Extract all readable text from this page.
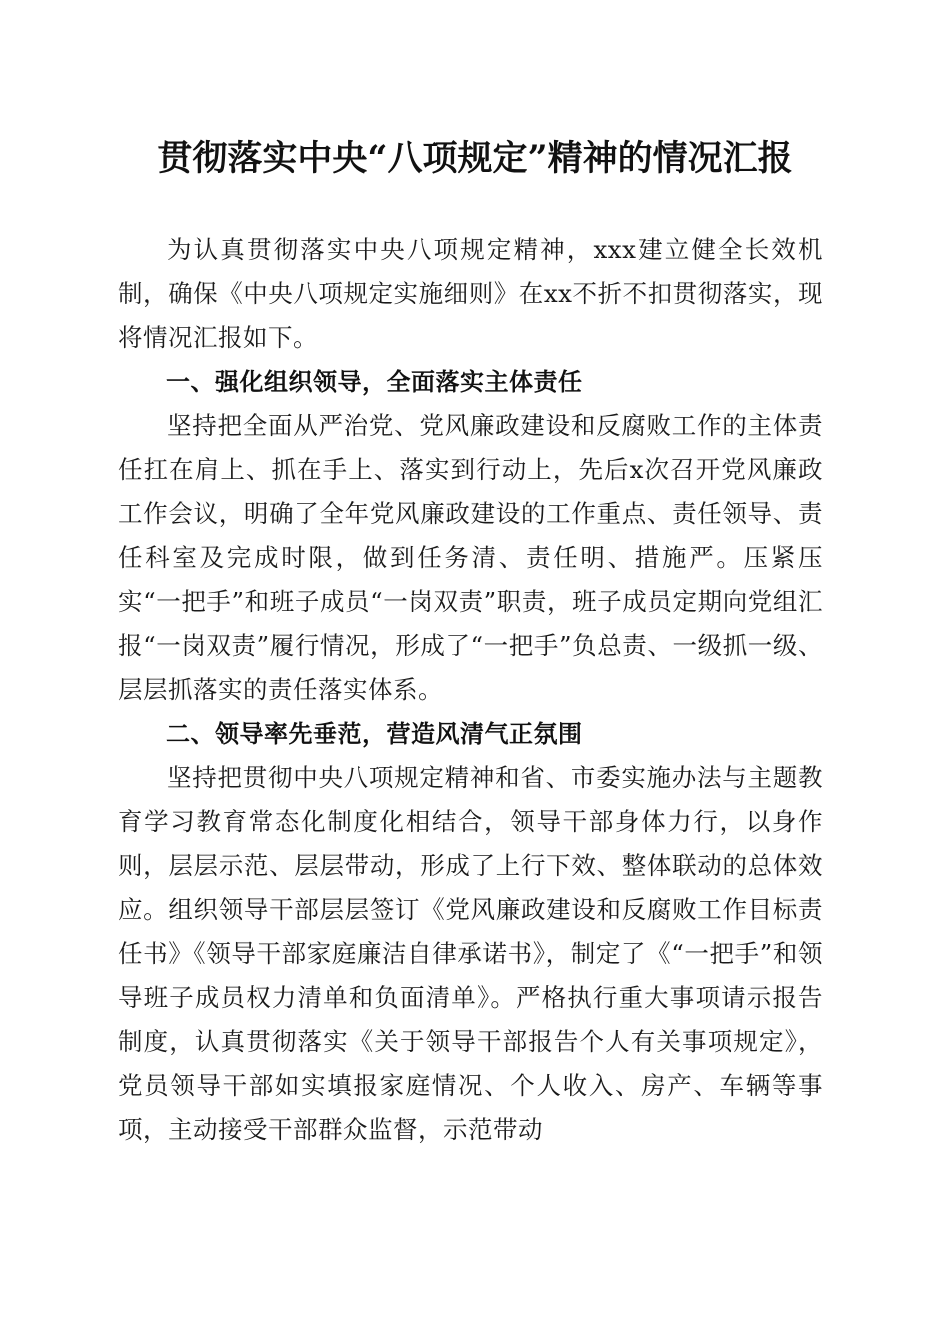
贯彻落实中央“八项规定”精神的情况汇报

为认真贯彻落实中央八项规定精神，xxx建立健全长效机制，确保《中央八项规定实施细则》在xx不折不扣贯彻落实，现将情况汇报如下。

一、强化组织领导，全面落实主体责任

坚持把全面从严治党、党风廉政建设和反腐败工作的主体责任扛在肩上、抓在手上、落实到行动上，先后x次召开党风廉政工作会议，明确了全年党风廉政建设的工作重点、责任领导、责任科室及完成时限，做到任务清、责任明、措施严。压紧压实“一把手”和班子成员“一岗双责”职责，班子成员定期向党组汇报“一岗双责”履行情况，形成了“一把手”负总责、一级抓一级、层层抓落实的责任落实体系。

二、领导率先垂范，营造风清气正氛围

坚持把贯彻中央八项规定精神和省、市委实施办法与主题教育学习教育常态化制度化相结合，领导干部身体力行，以身作则，层层示范、层层带动，形成了上行下效、整体联动的总体效应。组织领导干部层层签订《党风廉政建设和反腐败工作目标责任书》《领导干部家庭廉洁自律承诺书》，制定了《“一把手”和领导班子成员权力清单和负面清单》。严格执行重大事项请示报告制度，认真贯彻落实《关于领导干部报告个人有关事项规定》，党员领导干部如实填报家庭情况、个人收入、房产、车辆等事项，主动接受干部群众监督，示范带动
